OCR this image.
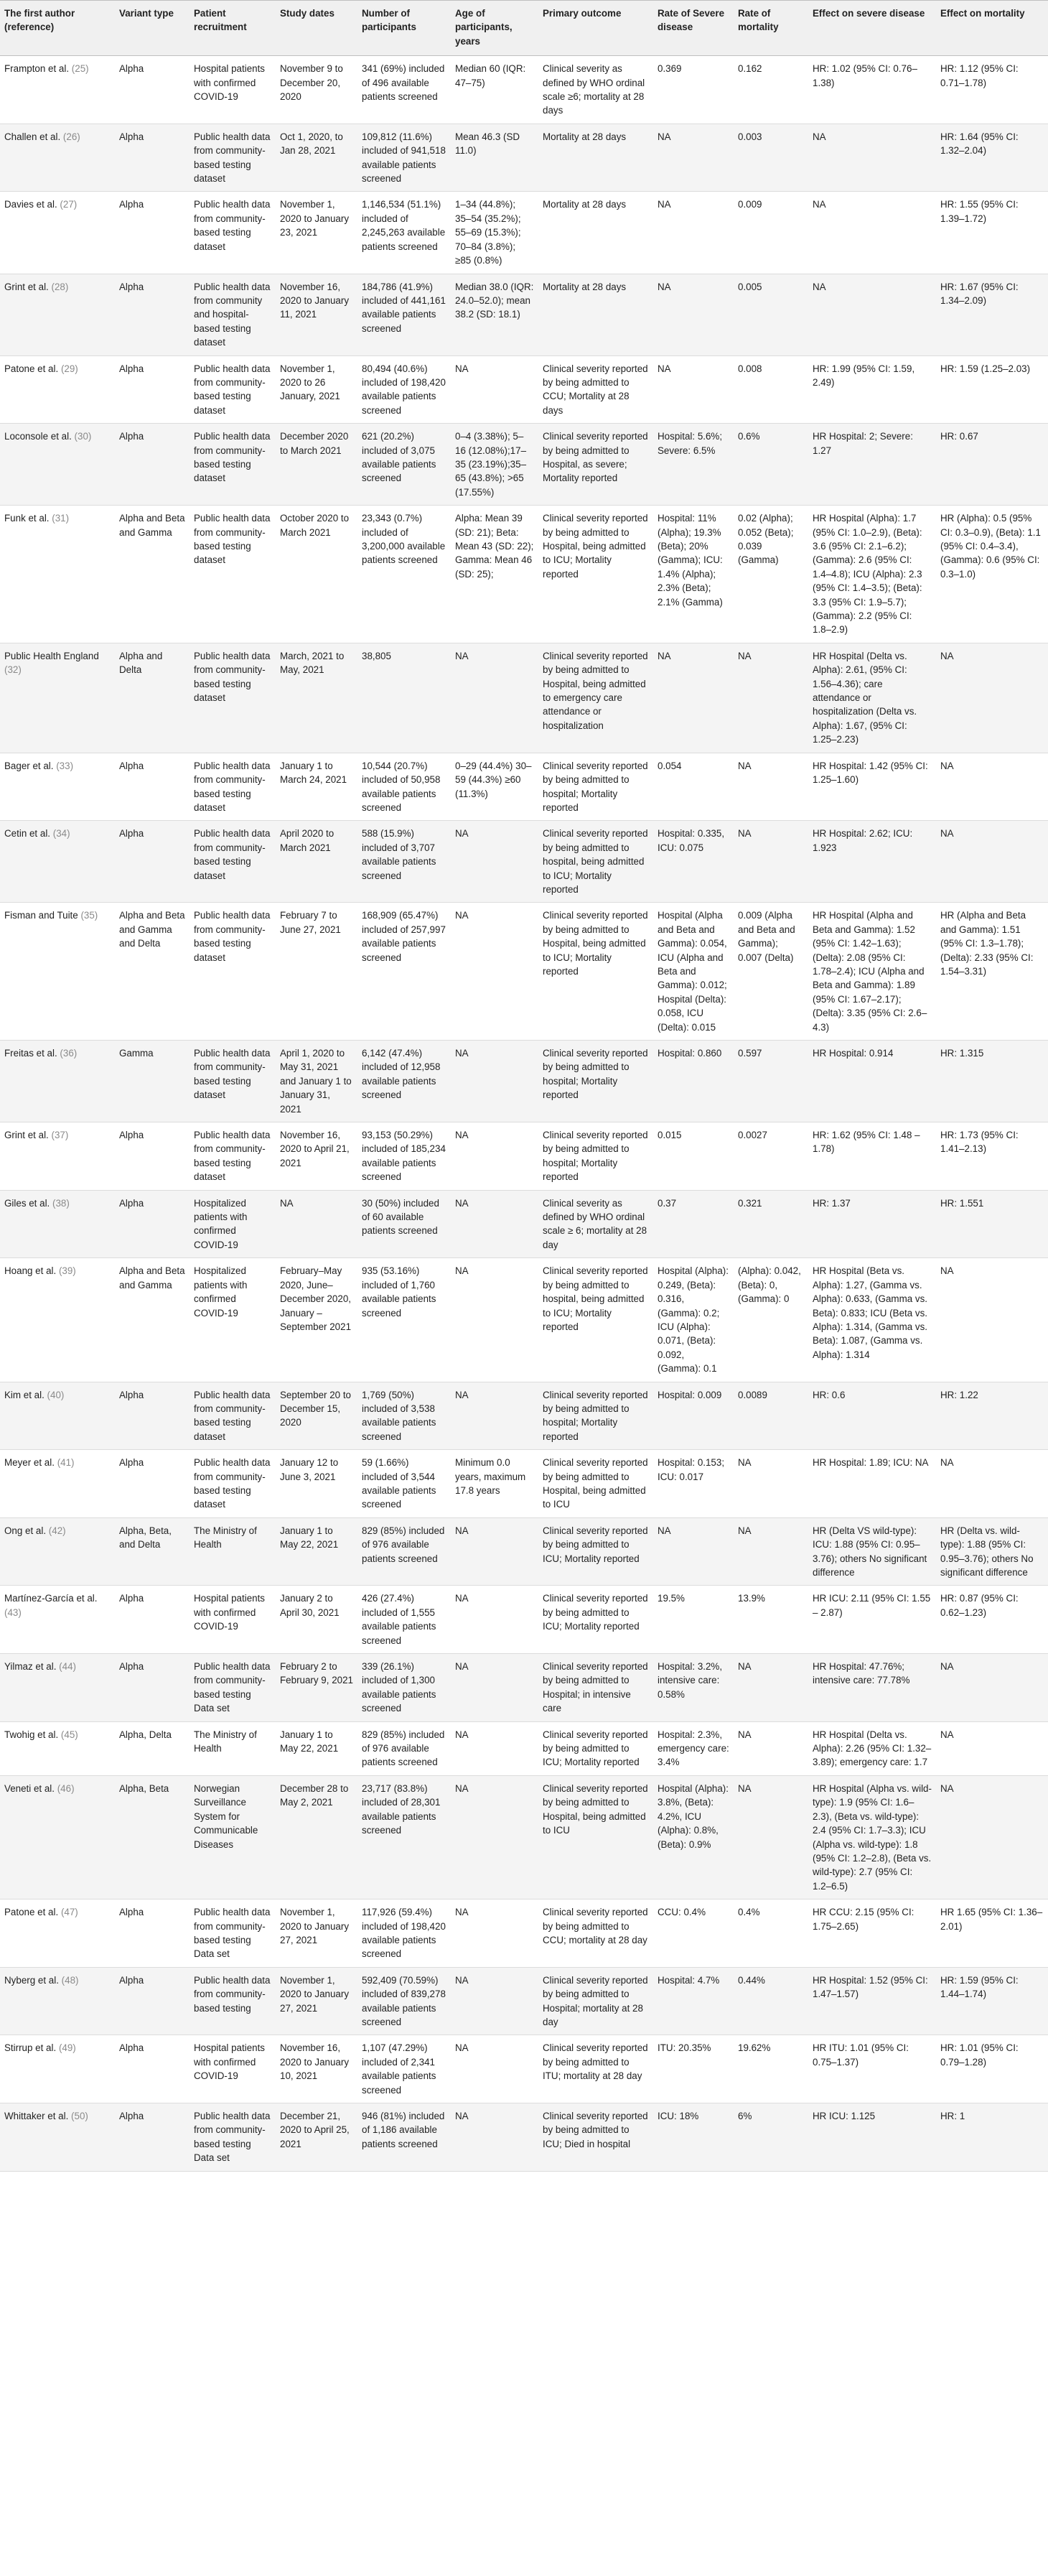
The first author (reference)	Variant type	Patient recruitment	Study dates	Number of participants	Age of participants, years	Primary outcome	Rate of Severe disease	Rate of mortality	Effect on severe disease	Effect on mortality
Frampton et al. (25)	Alpha	Hospital patients with confirmed COVID-19	November 9 to December 20, 2020	341 (69%) included of 496 available patients screened	Median 60 (IQR: 47–75)	Clinical severity as defined by WHO ordinal scale ≥6; mortality at 28 days	0.369	0.162	HR: 1.02 (95% CI: 0.76–1.38)	HR: 1.12 (95% CI: 0.71–1.78)
Challen et al. (26)	Alpha	Public health data from community-based testing dataset	Oct 1, 2020, to Jan 28, 2021	109,812 (11.6%) included of 941,518 available patients screened	Mean 46.3 (SD 11.0)	Mortality at 28 days	NA	0.003	NA	HR: 1.64 (95% CI: 1.32–2.04)
Davies et al. (27)	Alpha	Public health data from community-based testing dataset	November 1, 2020 to January 23, 2021	1,146,534 (51.1%) included of 2,245,263 available patients screened	1–34 (44.8%); 35–54 (35.2%); 55–69 (15.3%); 70–84 (3.8%); ≥85 (0.8%)	Mortality at 28 days	NA	0.009	NA	HR: 1.55 (95% CI: 1.39–1.72)
Grint et al. (28)	Alpha	Public health data from community and hospital-based testing dataset	November 16, 2020 to January 11, 2021	184,786 (41.9%) included of 441,161 available patients screened	Median 38.0 (IQR: 24.0–52.0); mean 38.2 (SD: 18.1)	Mortality at 28 days	NA	0.005	NA	HR: 1.67 (95% CI: 1.34–2.09)
Patone et al. (29)	Alpha	Public health data from community-based testing dataset	November 1, 2020 to 26 January, 2021	80,494 (40.6%) included of 198,420 available patients screened	NA	Clinical severity reported by being admitted to CCU; Mortality at 28 days	NA	0.008	HR: 1.99 (95% CI: 1.59, 2.49)	HR: 1.59 (1.25–2.03)
Loconsole et al. (30)	Alpha	Public health data from community-based testing dataset	December 2020 to March 2021	621 (20.2%) included of 3,075 available patients screened	0–4 (3.38%); 5–16 (12.08%);17–35 (23.19%);35–65 (43.8%); >65 (17.55%)	Clinical severity reported by being admitted to Hospital, as severe; Mortality reported	Hospital: 5.6%; Severe: 6.5%	0.6%	HR Hospital: 2; Severe: 1.27	HR: 0.67
Funk et al. (31)	Alpha and Beta and Gamma	Public health data from community-based testing dataset	October 2020 to March 2021	23,343 (0.7%) included of 3,200,000 available patients screened	Alpha: Mean 39 (SD: 21); Beta: Mean 43 (SD: 22); Gamma: Mean 46 (SD: 25);	Clinical severity reported by being admitted to Hospital, being admitted to ICU; Mortality reported	Hospital: 11% (Alpha); 19.3% (Beta); 20% (Gamma); ICU: 1.4% (Alpha); 2.3% (Beta); 2.1% (Gamma)	0.02 (Alpha); 0.052 (Beta); 0.039 (Gamma)	HR Hospital (Alpha): 1.7 (95% CI: 1.0–2.9), (Beta): 3.6 (95% CI: 2.1–6.2); (Gamma): 2.6 (95% CI: 1.4–4.8); ICU (Alpha): 2.3 (95% CI: 1.4–3.5); (Beta): 3.3 (95% CI: 1.9–5.7); (Gamma): 2.2 (95% CI: 1.8–2.9)	HR (Alpha): 0.5 (95% CI: 0.3–0.9), (Beta): 1.1 (95% CI: 0.4–3.4), (Gamma): 0.6 (95% CI: 0.3–1.0)
Public Health England (32)	Alpha and Delta	Public health data from community-based testing dataset	March, 2021 to May, 2021	38,805	NA	Clinical severity reported by being admitted to Hospital, being admitted to emergency care attendance or hospitalization	NA	NA	HR Hospital (Delta vs. Alpha): 2.61, (95% CI: 1.56–4.36); care attendance or hospitalization (Delta vs. Alpha): 1.67, (95% CI: 1.25–2.23)	NA
Bager et al. (33)	Alpha	Public health data from community-based testing dataset	January 1 to March 24, 2021	10,544 (20.7%) included of 50,958 available patients screened	0–29 (44.4%) 30–59 (44.3%) ≥60 (11.3%)	Clinical severity reported by being admitted to hospital; Mortality reported	0.054	NA	HR Hospital: 1.42 (95% CI: 1.25–1.60)	NA
Cetin et al. (34)	Alpha	Public health data from community-based testing dataset	April 2020 to March 2021	588 (15.9%) included of 3,707 available patients screened	NA	Clinical severity reported by being admitted to hospital, being admitted to ICU; Mortality reported	Hospital: 0.335, ICU: 0.075	NA	HR Hospital: 2.62; ICU: 1.923	NA
Fisman and Tuite (35)	Alpha and Beta and Gamma and Delta	Public health data from community-based testing dataset	February 7 to June 27, 2021	168,909 (65.47%) included of 257,997 available patients screened	NA	Clinical severity reported by being admitted to Hospital, being admitted to ICU; Mortality reported	Hospital (Alpha and Beta and Gamma): 0.054, ICU (Alpha and Beta and Gamma): 0.012; Hospital (Delta): 0.058, ICU (Delta): 0.015	0.009 (Alpha and Beta and Gamma); 0.007 (Delta)	HR Hospital (Alpha and Beta and Gamma): 1.52 (95% CI: 1.42–1.63); (Delta): 2.08 (95% CI: 1.78–2.4); ICU (Alpha and Beta and Gamma): 1.89 (95% CI: 1.67–2.17); (Delta): 3.35 (95% CI: 2.6–4.3)	HR (Alpha and Beta and Gamma): 1.51 (95% CI: 1.3–1.78); (Delta): 2.33 (95% CI: 1.54–3.31)
Freitas et al. (36)	Gamma	Public health data from community-based testing dataset	April 1, 2020 to May 31, 2021 and January 1 to January 31, 2021	6,142 (47.4%) included of 12,958 available patients screened	NA	Clinical severity reported by being admitted to hospital; Mortality reported	Hospital: 0.860	0.597	HR Hospital: 0.914	HR: 1.315
Grint et al. (37)	Alpha	Public health data from community-based testing dataset	November 16, 2020 to April 21, 2021	93,153 (50.29%) included of 185,234 available patients screened	NA	Clinical severity reported by being admitted to hospital; Mortality reported	0.015	0.0027	HR: 1.62 (95% CI: 1.48 –1.78)	HR: 1.73 (95% CI: 1.41–2.13)
Giles et al. (38)	Alpha	Hospitalized patients with confirmed COVID-19	NA	30 (50%) included of 60 available patients screened	NA	Clinical severity as defined by WHO ordinal scale ≥ 6; mortality at 28 day	0.37	0.321	HR: 1.37	HR: 1.551
Hoang et al. (39)	Alpha and Beta and Gamma	Hospitalized patients with confirmed COVID-19	February–May 2020, June–December 2020, January –September 2021	935 (53.16%) included of 1,760 available patients screened	NA	Clinical severity reported by being admitted to hospital, being admitted to ICU; Mortality reported	Hospital (Alpha): 0.249, (Beta): 0.316, (Gamma): 0.2; ICU (Alpha): 0.071, (Beta): 0.092, (Gamma): 0.1	(Alpha): 0.042, (Beta): 0, (Gamma): 0	HR Hospital (Beta vs. Alpha): 1.27, (Gamma vs. Alpha): 0.633, (Gamma vs. Beta): 0.833; ICU (Beta vs. Alpha): 1.314, (Gamma vs. Beta): 1.087, (Gamma vs. Alpha): 1.314	NA
Kim et al. (40)	Alpha	Public health data from community-based testing dataset	September 20 to December 15, 2020	1,769 (50%) included of 3,538 available patients screened	NA	Clinical severity reported by being admitted to hospital; Mortality reported	Hospital: 0.009	0.0089	HR: 0.6	HR: 1.22
Meyer et al. (41)	Alpha	Public health data from community-based testing dataset	January 12 to June 3, 2021	59 (1.66%) included of 3,544 available patients screened	Minimum 0.0 years, maximum 17.8 years	Clinical severity reported by being admitted to Hospital, being admitted to ICU	Hospital: 0.153; ICU: 0.017	NA	HR Hospital: 1.89; ICU: NA	NA
Ong et al. (42)	Alpha, Beta, and Delta	The Ministry of Health	January 1 to May 22, 2021	829 (85%) included of 976 available patients screened	NA	Clinical severity reported by being admitted to ICU; Mortality reported	NA	NA	HR (Delta VS wild-type): ICU: 1.88 (95% CI: 0.95–3.76); others No significant difference	HR (Delta vs. wild-type): 1.88 (95% CI: 0.95–3.76); others No significant difference
Martínez-García et al. (43)	Alpha	Hospital patients with confirmed COVID-19	January 2 to April 30, 2021	426 (27.4%) included of 1,555 available patients screened	NA	Clinical severity reported by being admitted to ICU; Mortality reported	19.5%	13.9%	HR ICU: 2.11 (95% CI: 1.55 – 2.87)	HR: 0.87 (95% CI: 0.62–1.23)
Yilmaz et al. (44)	Alpha	Public health data from community-based testing Data set	February 2 to February 9, 2021	339 (26.1%) included of 1,300 available patients screened	NA	Clinical severity reported by being admitted to Hospital; in intensive care	Hospital: 3.2%, intensive care: 0.58%	NA	HR Hospital: 47.76%; intensive care: 77.78%	NA
Twohig et al. (45)	Alpha, Delta	The Ministry of Health	January 1 to May 22, 2021	829 (85%) included of 976 available patients screened	NA	Clinical severity reported by being admitted to ICU; Mortality reported	Hospital: 2.3%, emergency care: 3.4%	NA	HR Hospital (Delta vs. Alpha): 2.26 (95% CI: 1.32–3.89); emergency care: 1.7	NA
Veneti et al. (46)	Alpha, Beta	Norwegian Surveillance System for Communicable Diseases	December 28 to May 2, 2021	23,717 (83.8%) included of 28,301 available patients screened	NA	Clinical severity reported by being admitted to Hospital, being admitted to ICU	Hospital (Alpha): 3.8%, (Beta): 4.2%, ICU (Alpha): 0.8%, (Beta): 0.9%	NA	HR Hospital (Alpha vs. wild-type): 1.9 (95% CI: 1.6–2.3), (Beta vs. wild-type): 2.4 (95% CI: 1.7–3.3); ICU (Alpha vs. wild-type): 1.8 (95% CI: 1.2–2.8), (Beta vs. wild-type): 2.7 (95% CI: 1.2–6.5)	NA
Patone et al. (47)	Alpha	Public health data from community-based testing Data set	November 1, 2020 to January 27, 2021	117,926 (59.4%) included of 198,420 available patients screened	NA	Clinical severity reported by being admitted to CCU; mortality at 28 day	CCU: 0.4%	0.4%	HR CCU: 2.15 (95% CI: 1.75–2.65)	HR 1.65 (95% CI: 1.36–2.01)
Nyberg et al. (48)	Alpha	Public health data from community-based testing	November 1, 2020 to January 27, 2021	592,409 (70.59%) included of 839,278 available patients screened	NA	Clinical severity reported by being admitted to Hospital; mortality at 28 day	Hospital: 4.7%	0.44%	HR Hospital: 1.52 (95% CI: 1.47–1.57)	HR: 1.59 (95% CI: 1.44–1.74)
Stirrup et al. (49)	Alpha	Hospital patients with confirmed COVID-19	November 16, 2020 to January 10, 2021	1,107 (47.29%) included of 2,341 available patients screened	NA	Clinical severity reported by being admitted to ITU; mortality at 28 day	ITU: 20.35%	19.62%	HR ITU: 1.01 (95% CI: 0.75–1.37)	HR: 1.01 (95% CI: 0.79–1.28)
Whittaker et al. (50)	Alpha	Public health data from community-based testing Data set	December 21, 2020 to April 25, 2021	946 (81%) included of 1,186 available patients screened	NA	Clinical severity reported by being admitted to ICU; Died in hospital	ICU: 18%	6%	HR ICU: 1.125	HR: 1
